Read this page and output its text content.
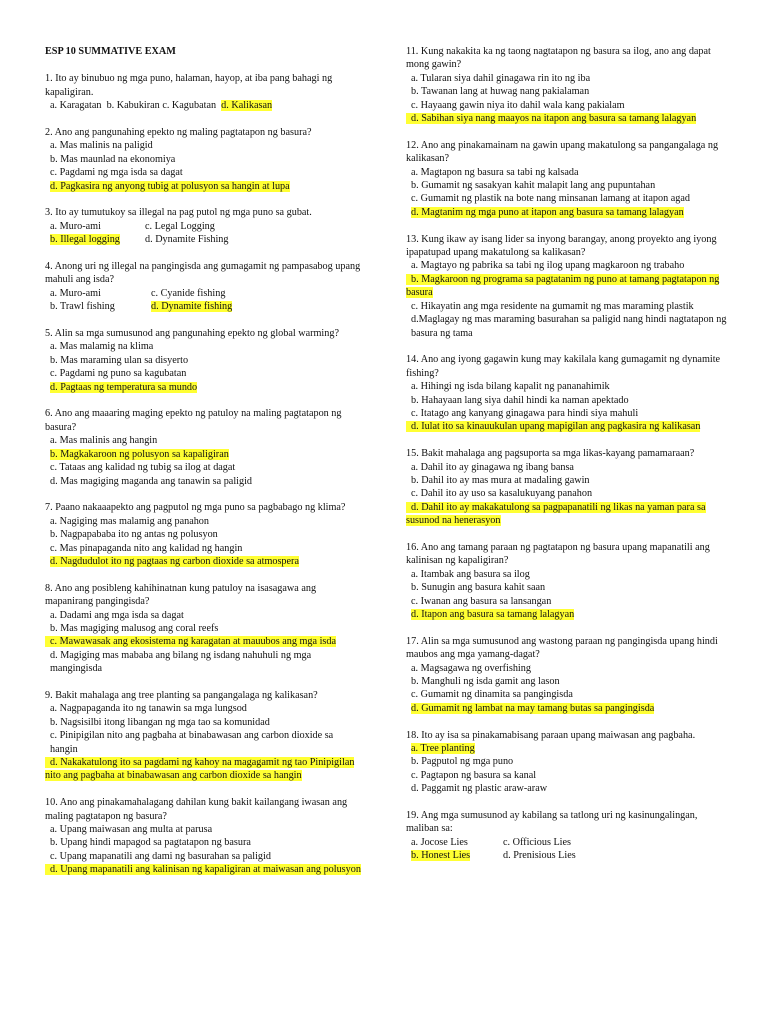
ESP 10 SUMMATIVE EXAM

1. Ito ay binubuo ng mga puno, halaman, hayop, at iba pang bahagi ng kapaligiran.

a. Karagatan b. Kabukiran c. Kagubatan d. Kalikasan

2. Ano ang pangunahing epekto ng maling pagtatapon ng basura?

a. Mas malinis na paligid

b. Mas maunlad na ekonomiya

c. Pagdami ng mga isda sa dagat

d. Pagkasira ng anyong tubig at polusyon sa hangin at lupa

3. Ito ay tumutukoy sa illegal na pag putol ng mga puno sa gubat.

a. Muro-ami	c. Legal Logging
b. Illegal logging	d. Dynamite Fishing

4. Anong uri ng illegal na pangingisda ang gumagamit ng pampasabog upang mahuli ang isda?

a. Muro-ami	c. Cyanide fishing
b. Trawl fishing	d. Dynamite fishing

5. Alin sa mga sumusunod ang pangunahing epekto ng global warming?

a. Mas malamig na klima

b. Mas maraming ulan sa disyerto

c. Pagdami ng puno sa kagubatan

d. Pagtaas ng temperatura sa mundo

6. Ano ang maaaring maging epekto ng patuloy na maling pagtatapon ng basura?

a. Mas malinis ang hangin

b. Magkakaroon ng polusyon sa kapaligiran

c. Tataas ang kalidad ng tubig sa ilog at dagat

d. Mas magiging maganda ang tanawin sa paligid

7. Paano nakaaapekto ang pagputol ng mga puno sa pagbabago ng klima?

a. Nagiging mas malamig ang panahon

b. Nagpapababa ito ng antas ng polusyon

c. Mas pinapaganda nito ang kalidad ng hangin

d. Nagdudulot ito ng pagtaas ng carbon dioxide sa atmospera

8. Ano ang posibleng kahihinatnan kung patuloy na isasagawa ang mapanirang pangingisda?

a. Dadami ang mga isda sa dagat

b. Mas magiging malusog ang coral reefs

c. Mawawasak ang ekosistema ng karagatan at mauubos ang mga isda

d. Magiging mas mababa ang bilang ng isdang nahuhuli ng mga mangingisda

9. Bakit mahalaga ang tree planting sa pangangalaga ng kalikasan?

a. Nagpapaganda ito ng tanawin sa mga lungsod

b. Nagsisilbi itong libangan ng mga tao sa komunidad

c. Pinipigilan nito ang pagbaha at binabawasan ang carbon dioxide sa hangin

d. Nakakatulong ito sa pagdami ng kahoy na magagamit ng tao Pinipigilan nito ang pagbaha at binabawasan ang carbon dioxide sa hangin

10. Ano ang pinakamahalagang dahilan kung bakit kailangang iwasan ang maling pagtatapon ng basura?

a. Upang maiwasan ang multa at parusa

b. Upang hindi mapagod sa pagtatapon ng basura

c. Upang mapanatili ang dami ng basurahan sa paligid

d. Upang mapanatili ang kalinisan ng kapaligiran at maiwasan ang polusyon

11. Kung nakakita ka ng taong nagtatapon ng basura sa ilog, ano ang dapat mong gawin?

a. Tularan siya dahil ginagawa rin ito ng iba

b. Tawanan lang at huwag nang pakialaman

c. Hayaang gawin niya ito dahil wala kang pakialam

d. Sabihan siya nang maayos na itapon ang basura sa tamang lalagyan

12. Ano ang pinakamainam na gawin upang makatulong sa pangangalaga ng kalikasan?

a. Magtapon ng basura sa tabi ng kalsada

b. Gumamit ng sasakyan kahit malapit lang ang pupuntahan

c. Gumamit ng plastik na bote nang minsanan lamang at itapon agad

d. Magtanim ng mga puno at itapon ang basura sa tamang lalagyan

13. Kung ikaw ay isang lider sa inyong barangay, anong proyekto ang iyong ipapatupad upang makatulong sa kalikasan?

a. Magtayo ng pabrika sa tabi ng ilog upang magkaroon ng trabaho

b. Magkaroon ng programa sa pagtatanim ng puno at tamang pagtatapon ng basura

c. Hikayatin ang mga residente na gumamit ng mas maraming plastik

d.Maglagay ng mas maraming basurahan sa paligid nang hindi nagtatapon ng basura ng tama

14. Ano ang iyong gagawin kung may kakilala kang gumagamit ng dynamite fishing?

a. Hihingi ng isda bilang kapalit ng pananahimik

b. Hahayaan lang siya dahil hindi ka naman apektado

c. Itatago ang kanyang ginagawa para hindi siya mahuli

d. Iulat ito sa kinauukulan upang mapigilan ang pagkasira ng kalikasan

15. Bakit mahalaga ang pagsuporta sa mga likas-kayang pamamaraan?

a. Dahil ito ay ginagawa ng ibang bansa

b. Dahil ito ay mas mura at madaling gawin

c. Dahil ito ay uso sa kasalukuyang panahon

d. Dahil ito ay makakatulong sa pagpapanatili ng likas na yaman para sa susunod na henerasyon

16. Ano ang tamang paraan ng pagtatapon ng basura upang mapanatili ang kalinisan ng kapaligiran?

a. Itambak ang basura sa ilog

b. Sunugin ang basura kahit saan

c. Iwanan ang basura sa lansangan

d. Itapon ang basura sa tamang lalagyan

17. Alin sa mga sumusunod ang wastong paraan ng pangingisda upang hindi maubos ang mga yamang-dagat?

a. Magsagawa ng overfishing

b. Manghuli ng isda gamit ang lason

c. Gumamit ng dinamita sa pangingisda

d. Gumamit ng lambat na may tamang butas sa pangingisda

18. Ito ay isa sa pinakamabisang paraan upang maiwasan ang pagbaha.

a. Tree planting

b. Pagputol ng mga puno

c. Pagtapon ng basura sa kanal

d. Paggamit ng plastic araw-araw

19. Ang mga sumusunod ay kabilang sa tatlong uri ng kasinungalingan, maliban sa:

a. Jocose Lies	c. Officious Lies
b. Honest Lies	d. Prenisious Lies
